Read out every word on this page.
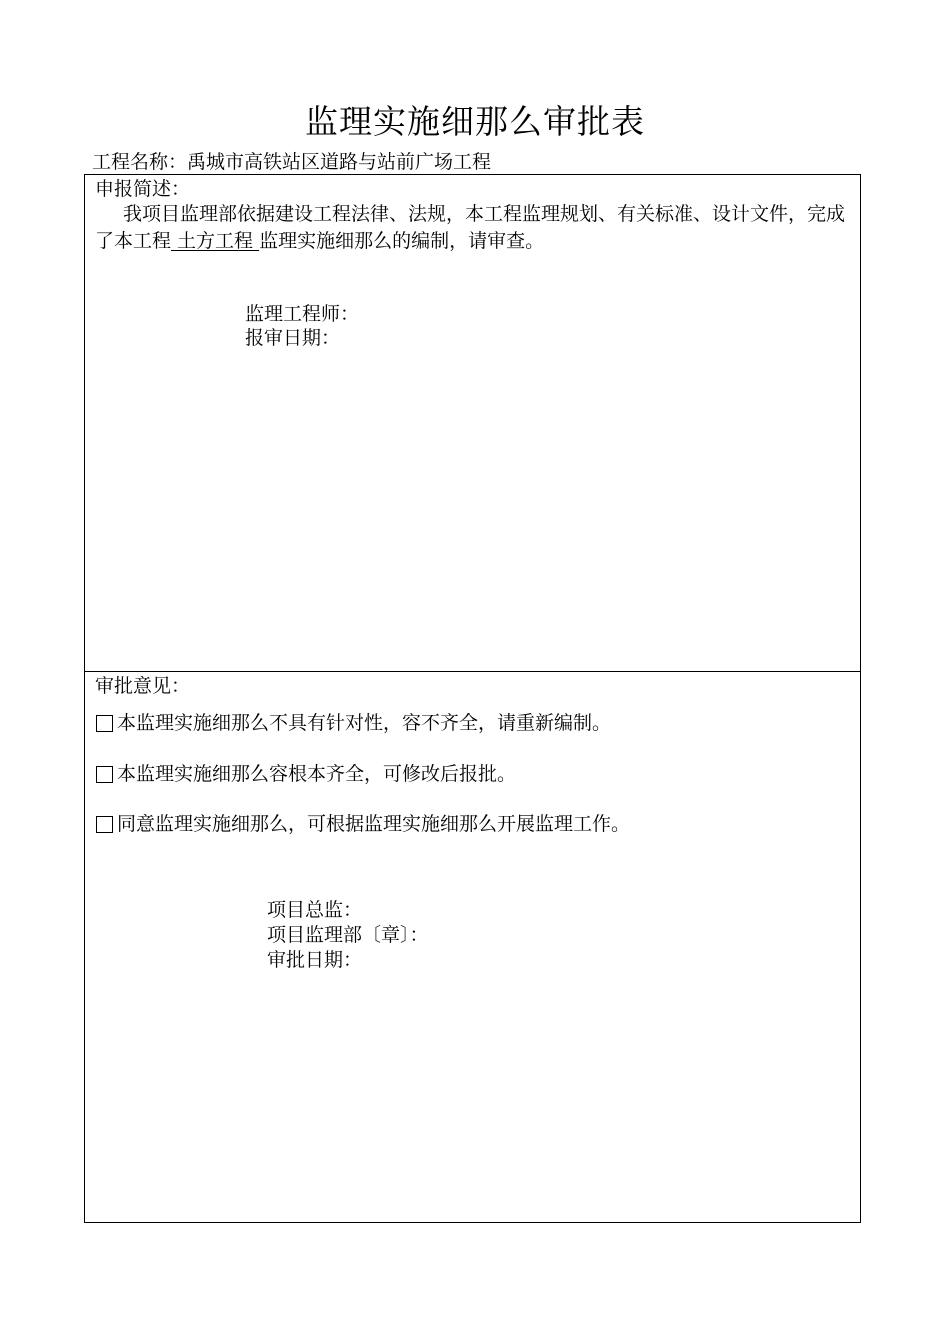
监理实施细那么审批表
工程名称：禹城市高铁站区道路与站前广场工程
申报简述：
我项目监理部依据建设工程法律、法规，本工程监理规划、有关标准、设计文件，完成了本工程 土方工程 监理实施细那么的编制，请审查。
监理工程师：
报审日期：
审批意见：
本监理实施细那么不具有针对性，容不齐全，请重新编制。
本监理实施细那么容根本齐全，可修改后报批。
同意监理实施细那么，可根据监理实施细那么开展监理工作。
项目总监：
项目监理部〔章〕：
审批日期：
